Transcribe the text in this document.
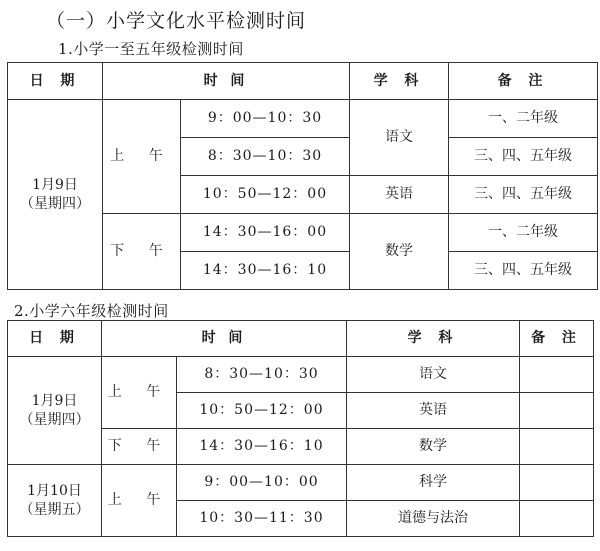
（一）小学文化水平检测时间
1.小学一至五年级检测时间
日 期	时 间		学 科	备 注

1月9日
（星期四）	上 午	9：00—10：30	语文	一、二年级
		8：30—10：30		三、四、五年级
		10：50—12：00	英语	三、四、五年级
	下 午	14：30—16：00	数学	一、二年级
		14：30—16：10		三、四、五年级
2.小学六年级检测时间
日 期	时 间		学 科	备 注

1月9日
（星期四）	上 午	8：30—10：30	语文	
		10：50—12：00	英语	
	下 午	14：30—16：10	数学	

1月10日
（星期五）	上 午	9：00—10：00	科学	
		10：30—11：30	道德与法治	
